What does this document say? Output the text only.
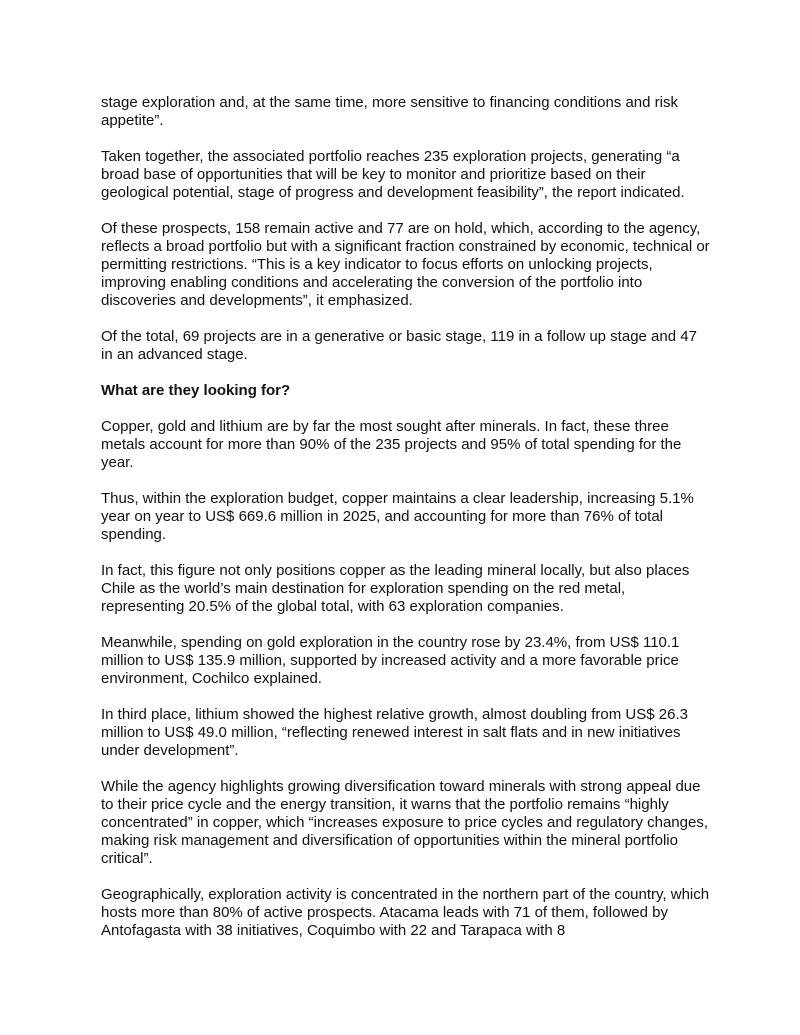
stage exploration and, at the same time, more sensitive to financing conditions and risk appetite”.

Taken together, the associated portfolio reaches 235 exploration projects, generating “a broad base of opportunities that will be key to monitor and prioritize based on their geological potential, stage of progress and development feasibility”, the report indicated.

Of these prospects, 158 remain active and 77 are on hold, which, according to the agency, reflects a broad portfolio but with a significant fraction constrained by economic, technical or permitting restrictions. “This is a key indicator to focus efforts on unlocking projects, improving enabling conditions and accelerating the conversion of the portfolio into discoveries and developments”, it emphasized.

Of the total, 69 projects are in a generative or basic stage, 119 in a follow up stage and 47 in an advanced stage.

What are they looking for?

Copper, gold and lithium are by far the most sought after minerals. In fact, these three metals account for more than 90% of the 235 projects and 95% of total spending for the year.

Thus, within the exploration budget, copper maintains a clear leadership, increasing 5.1% year on year to US$ 669.6 million in 2025, and accounting for more than 76% of total spending.

In fact, this figure not only positions copper as the leading mineral locally, but also places Chile as the world’s main destination for exploration spending on the red metal, representing 20.5% of the global total, with 63 exploration companies.

Meanwhile, spending on gold exploration in the country rose by 23.4%, from US$ 110.1 million to US$ 135.9 million, supported by increased activity and a more favorable price environment, Cochilco explained.

In third place, lithium showed the highest relative growth, almost doubling from US$ 26.3 million to US$ 49.0 million, “reflecting renewed interest in salt flats and in new initiatives under development”.

While the agency highlights growing diversification toward minerals with strong appeal due to their price cycle and the energy transition, it warns that the portfolio remains “highly concentrated” in copper, which “increases exposure to price cycles and regulatory changes, making risk management and diversification of opportunities within the mineral portfolio critical”.

Geographically, exploration activity is concentrated in the northern part of the country, which hosts more than 80% of active prospects. Atacama leads with 71 of them, followed by Antofagasta with 38 initiatives, Coquimbo with 22 and Tarapaca with 8
